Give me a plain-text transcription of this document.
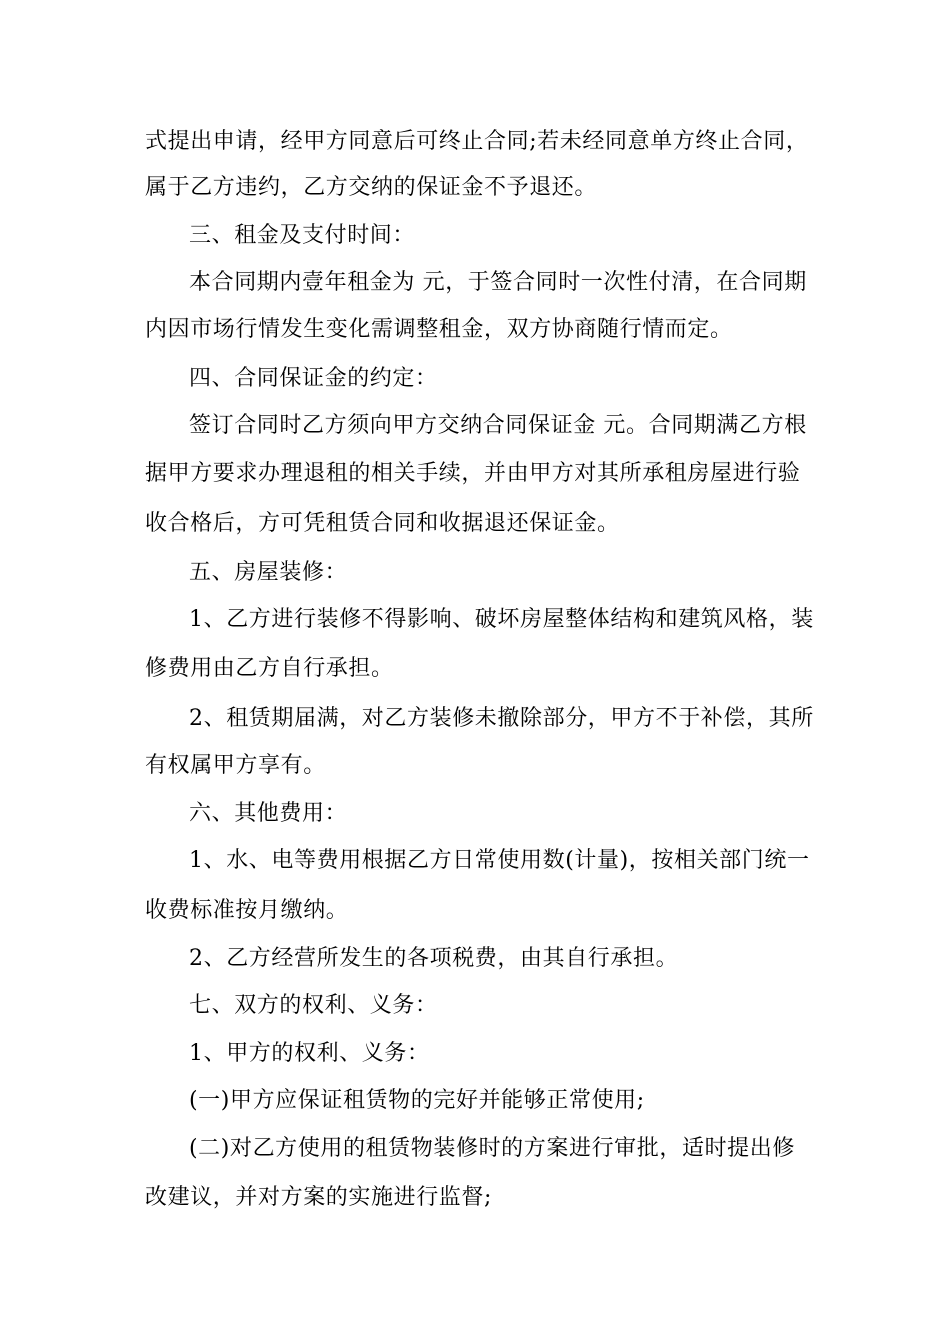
式提出申请，经甲方同意后可终止合同;若未经同意单方终止合同，
属于乙方违约，乙方交纳的保证金不予退还。
三、租金及支付时间：
本合同期内壹年租金为 元，于签合同时一次性付清，在合同期
内因市场行情发生变化需调整租金，双方协商随行情而定。
四、合同保证金的约定：
签订合同时乙方须向甲方交纳合同保证金 元。合同期满乙方根
据甲方要求办理退租的相关手续，并由甲方对其所承租房屋进行验
收合格后，方可凭租赁合同和收据退还保证金。
五、房屋装修：
1、乙方进行装修不得影响、破坏房屋整体结构和建筑风格，装
修费用由乙方自行承担。
2、租赁期届满，对乙方装修未撤除部分，甲方不于补偿，其所
有权属甲方享有。
六、其他费用：
1、水、电等费用根据乙方日常使用数(计量)，按相关部门统一
收费标准按月缴纳。
2、乙方经营所发生的各项税费，由其自行承担。
七、双方的权利、义务：
1、甲方的权利、义务：
(一)甲方应保证租赁物的完好并能够正常使用;
(二)对乙方使用的租赁物装修时的方案进行审批，适时提出修
改建议，并对方案的实施进行监督;
